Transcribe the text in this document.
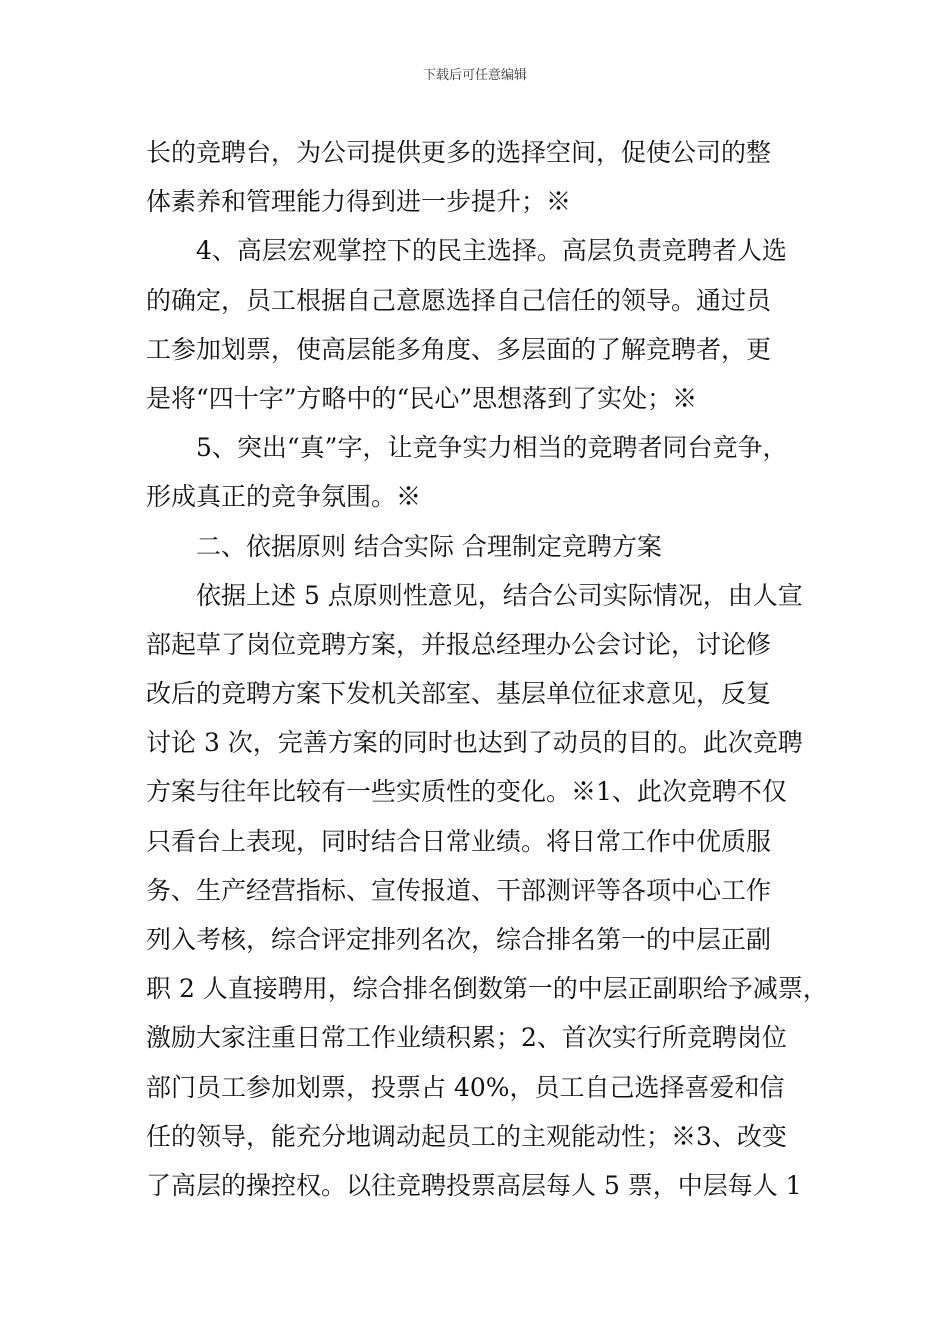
下载后可任意编辑
长的竞聘台，为公司提供更多的选择空间，促使公司的整
体素养和管理能力得到进一步提升；※
4、高层宏观掌控下的民主选择。高层负责竞聘者人选
的确定，员工根据自己意愿选择自己信任的领导。通过员
工参加划票，使高层能多角度、多层面的了解竞聘者，更
是将“四十字”方略中的“民心”思想落到了实处；※
5、突出“真”字，让竞争实力相当的竞聘者同台竞争，
形成真正的竞争氛围。※
二、依据原则 结合实际 合理制定竞聘方案
依据上述 5 点原则性意见，结合公司实际情况，由人宣
部起草了岗位竞聘方案，并报总经理办公会讨论，讨论修
改后的竞聘方案下发机关部室、基层单位征求意见，反复
讨论 3 次，完善方案的同时也达到了动员的目的。此次竞聘
方案与往年比较有一些实质性的变化。※1、此次竞聘不仅
只看台上表现，同时结合日常业绩。将日常工作中优质服
务、生产经营指标、宣传报道、干部测评等各项中心工作
列入考核，综合评定排列名次，综合排名第一的中层正副
职 2 人直接聘用，综合排名倒数第一的中层正副职给予减票，
激励大家注重日常工作业绩积累；2、首次实行所竞聘岗位
部门员工参加划票，投票占 40%，员工自己选择喜爱和信
任的领导，能充分地调动起员工的主观能动性；※3、改变
了高层的操控权。以往竞聘投票高层每人 5 票，中层每人 1
